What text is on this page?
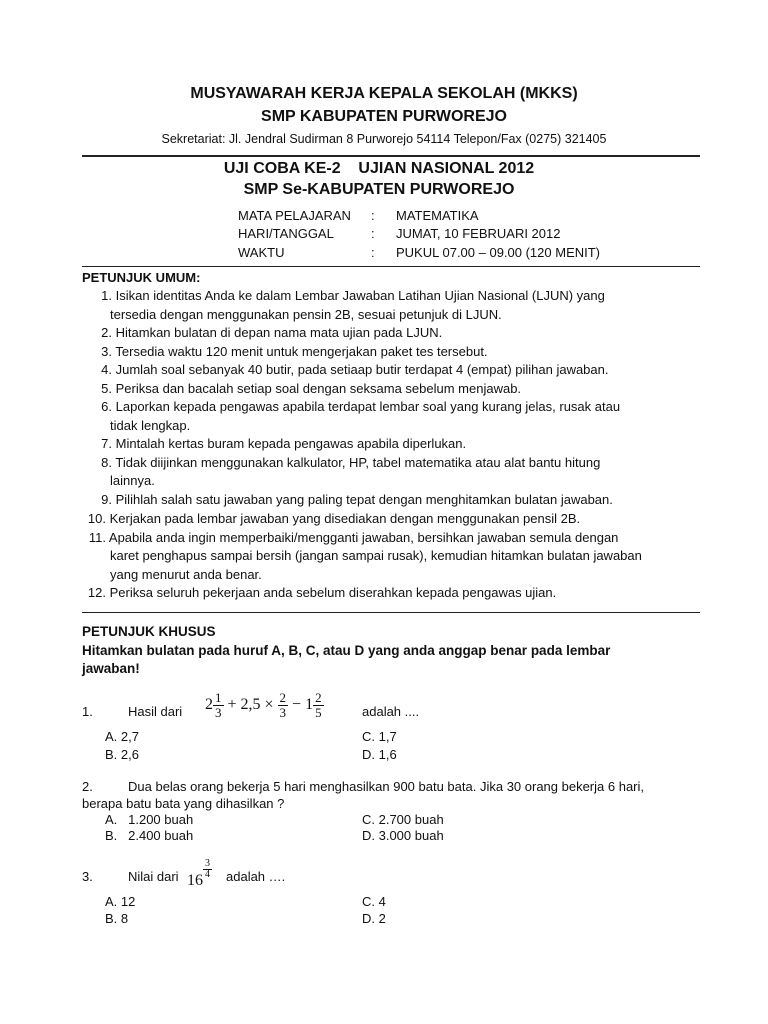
MUSYAWARAH KERJA KEPALA SEKOLAH (MKKS)
SMP KABUPATEN PURWOREJO
Sekretariat: Jl. Jendral Sudirman 8 Purworejo 54114 Telepon/Fax (0275) 321405
UJI COBA KE-2    UJIAN NASIONAL 2012
SMP Se-KABUPATEN PURWOREJO
MATA PELAJARAN : MATEMATIKA
HARI/TANGGAL	: JUMAT, 10 FEBRUARI 2012
WAKTU	: PUKUL 07.00 – 09.00 (120 MENIT)
PETUNJUK UMUM:
1. Isikan identitas Anda ke dalam Lembar Jawaban Latihan Ujian Nasional (LJUN) yang
tersedia dengan menggunakan pensin 2B, sesuai petunjuk di LJUN.
2. Hitamkan bulatan di depan nama mata ujian pada LJUN.
3. Tersedia waktu 120 menit untuk mengerjakan paket tes tersebut.
4. Jumlah soal sebanyak 40 butir, pada setiaap butir terdapat 4 (empat) pilihan jawaban.
5. Periksa dan bacalah setiap soal dengan seksama sebelum menjawab.
6. Laporkan kepada pengawas apabila terdapat lembar soal yang kurang jelas, rusak atau
tidak lengkap.
7. Mintalah kertas buram kepada pengawas apabila diperlukan.
8. Tidak diijinkan menggunakan kalkulator, HP, tabel matematika atau alat bantu hitung
lainnya.
9. Pilihlah salah satu jawaban yang paling tepat dengan menghitamkan bulatan jawaban.
10. Kerjakan pada lembar jawaban yang disediakan dengan menggunakan pensil 2B.
11. Apabila anda ingin memperbaiki/mengganti jawaban, bersihkan jawaban semula dengan
karet penghapus sampai bersih (jangan sampai rusak), kemudian hitamkan bulatan jawaban
yang menurut anda benar.
12. Periksa seluruh pekerjaan anda sebelum diserahkan kepada pengawas ujian.
PETUNJUK KHUSUS
Hitamkan bulatan pada huruf A, B, C, atau D yang anda anggap benar pada lembar
jawaban!
1.	Hasil dari $2 \frac{1}{3} + 2,5 \times \frac{2}{3} - 1 \frac{2}{5}$	adalah ....
A. 2,7
B. 2,6
C. 1,7
D. 1,6
2.	Dua belas orang bekerja 5 hari menghasilkan 900 batu bata. Jika 30 orang bekerja 6 hari,
berapa batu bata yang dihasilkan ?
A.   1.200 buah
B.   2.400 buah
C. 2.700 buah
D. 3.000 buah
3.	Nilai dari 16
$\frac{3}{4}$ adalah ….
A. 12
B. 8
C. 4
D. 2
